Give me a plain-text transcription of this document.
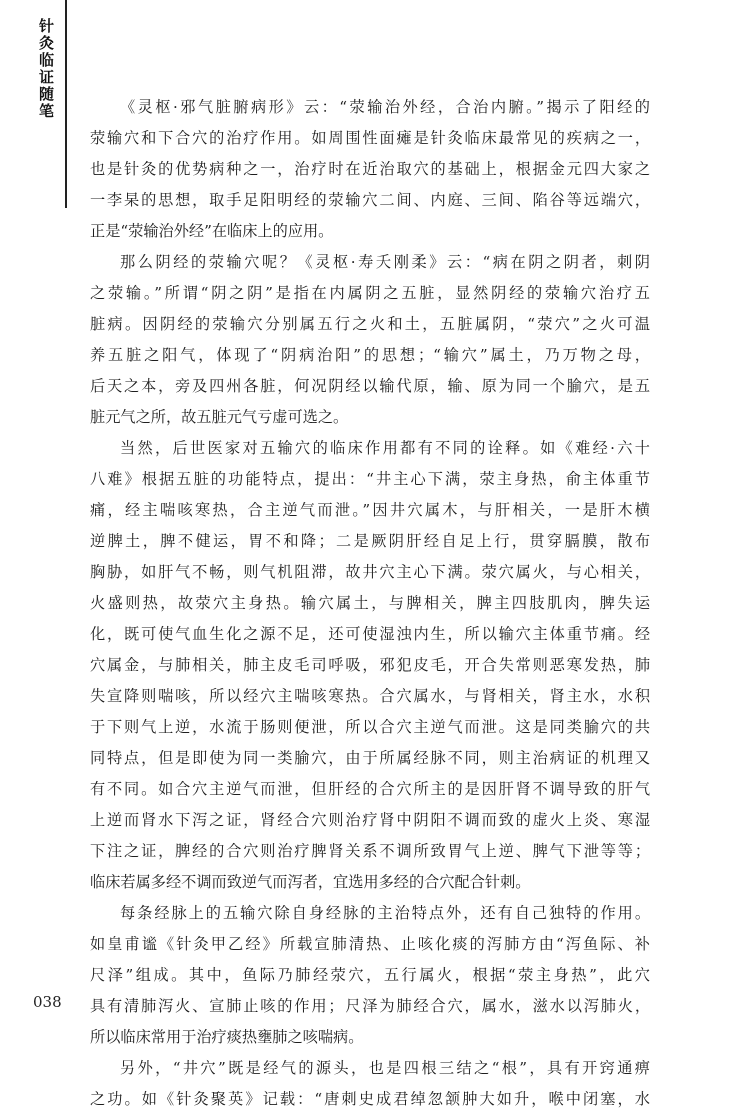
针灸临证随笔	《灵枢·邪气脏腑病形》云：“荥输治外经，合治内腑。”揭示了阳经的
荥输穴和下合穴的治疗作用。如周围性面瘫是针灸临床最常见的疾病之一，
也是针灸的优势病种之一，治疗时在近治取穴的基础上，根据金元四大家之
一李杲的思想，取手足阳明经的荥输穴二间、内庭、三间、陷谷等远端穴，
正是“荥输治外经”在临床上的应用。
那么阴经的荥输穴呢？《灵枢·寿夭刚柔》云：“病在阴之阴者，刺阴
之荥输。”所谓“阴之阴”是指在内属阴之五脏，显然阴经的荥输穴治疗五
脏病。因阴经的荥输穴分别属五行之火和土，五脏属阴，“荥穴”之火可温
养五脏之阳气，体现了“阴病治阳”的思想；“输穴”属土，乃万物之母，
后天之本，旁及四州各脏，何况阴经以输代原，输、原为同一个腧穴，是五
脏元气之所，故五脏元气亏虚可选之。
当然，后世医家对五输穴的临床作用都有不同的诠释。如《难经·六十
八难》根据五脏的功能特点，提出：“井主心下满，荥主身热，俞主体重节
痛，经主喘咳寒热，合主逆气而泄。”因井穴属木，与肝相关，一是肝木横
逆脾土，脾不健运，胃不和降；二是厥阴肝经自足上行，贯穿膈膜，散布
胸胁，如肝气不畅，则气机阻滞，故井穴主心下满。荥穴属火，与心相关，
火盛则热，故荥穴主身热。输穴属土，与脾相关，脾主四肢肌肉，脾失运
化，既可使气血生化之源不足，还可使湿浊内生，所以输穴主体重节痛。经
穴属金，与肺相关，肺主皮毛司呼吸，邪犯皮毛，开合失常则恶寒发热，肺
失宣降则喘咳，所以经穴主喘咳寒热。合穴属水，与肾相关，肾主水，水积
于下则气上逆，水流于肠则便泄，所以合穴主逆气而泄。这是同类腧穴的共
同特点，但是即使为同一类腧穴，由于所属经脉不同，则主治病证的机理又
有不同。如合穴主逆气而泄，但肝经的合穴所主的是因肝肾不调导致的肝气
上逆而肾水下泻之证，肾经合穴则治疗肾中阴阳不调而致的虚火上炎、寒湿
下注之证，脾经的合穴则治疗脾肾关系不调所致胃气上逆、脾气下泄等等；
临床若属多经不调而致逆气而泻者，宜选用多经的合穴配合针刺。
每条经脉上的五输穴除自身经脉的主治特点外，还有自己独特的作用。
如皇甫谧《针灸甲乙经》所载宣肺清热、止咳化痰的泻肺方由“泻鱼际、补
尺泽”组成。其中，鱼际乃肺经荥穴，五行属火，根据“荥主身热”，此穴
具有清肺泻火、宣肺止咳的作用；尺泽为肺经合穴，属水，滋水以泻肺火，
所以临床常用于治疗痰热壅肺之咳喘病。
另外，“井穴”既是经气的源头，也是四根三结之“根”，具有开窍通痹
之功。如《针灸聚英》记载：“唐刺史成君绰忽颔肿大如升，喉中闭塞，水
038
